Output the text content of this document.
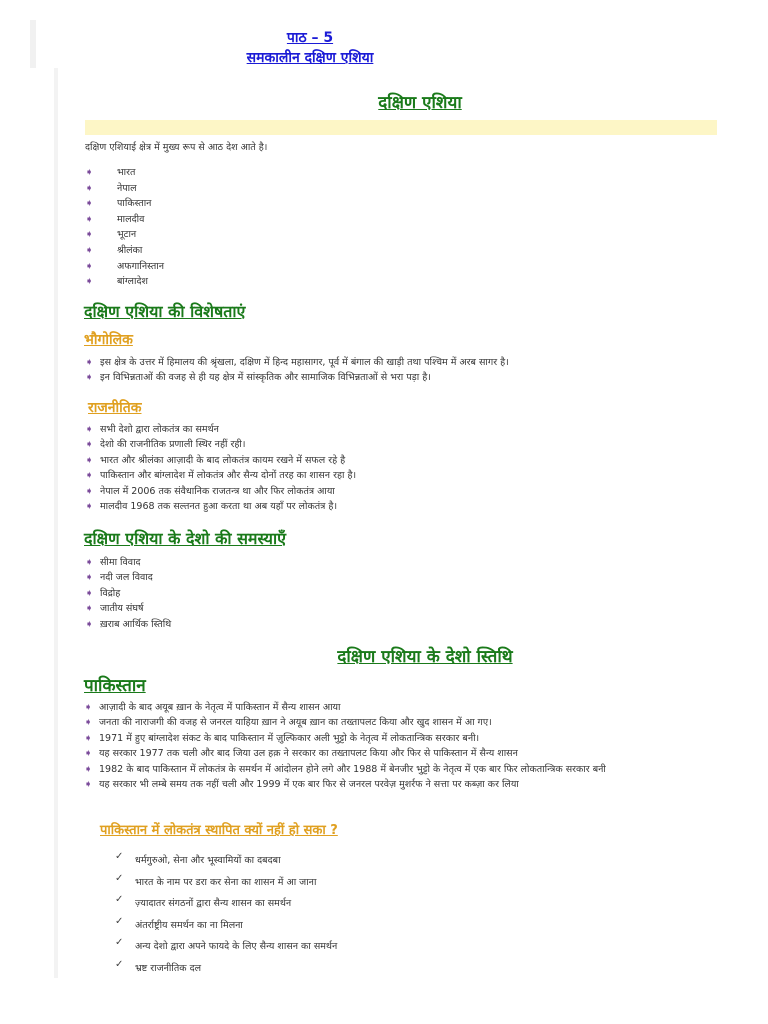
पाठ – 5
समकालीन दक्षिण एशिया
दक्षिण एशिया
दक्षिण एशियाई क्षेत्र में मुख्य रूप से आठ देश आते है।
➧ भारत
➧ नेपाल
➧ पाकिस्तान
➧ मालदीव
➧ भूटान
➧ श्रीलंका
➧ अफगानिस्तान
➧ बांग्लादेश
दक्षिण एशिया की विशेषताएं
भौगोलिक
➧ इस क्षेत्र के उत्तर में हिमालय की श्रृंखला, दक्षिण में हिन्द महासागर, पूर्व में बंगाल की खाड़ी तथा पश्चिम में अरब सागर है।
➧ इन विभिन्नताओं की वजह से ही यह क्षेत्र में सांस्कृतिक और सामाजिक विभिन्नताओं से भरा पड़ा है।
राजनीतिक
➧ सभी देशो द्वारा लोकतंत्र का समर्थन
➧ देशो की राजनीतिक प्रणाली स्थिर नहीं रही।
➧ भारत और श्रीलंका आज़ादी के बाद लोकतंत्र कायम रखने में सफल रहे है
➧ पाकिस्तान और बांग्लादेश में लोकतंत्र और सैन्य दोनों तरह का शासन रहा है।
➧ नेपाल में 2006 तक संवैधानिक राजतन्त्र था और फिर लोकतंत्र आया
➧ मालदीव 1968 तक सल्तनत हुआ करता था अब यहाँ पर लोकतंत्र है।
दक्षिण एशिया के देशो की समस्याएँ
➧ सीमा विवाद
➧ नदी जल विवाद
➧ विद्रोह
➧ जातीय संघर्ष
➧ ख़राब आर्थिक स्तिथि
दक्षिण एशिया के देशो स्तिथि
पाकिस्तान
➧ आज़ादी के बाद अयूब ख़ान के नेतृत्व में पाकिस्तान में सैन्य शासन आया
➧ जनता की नाराजगी की वजह से जनरल याहिया ख़ान ने अयूब ख़ान का तख्तापलट किया और खुद शासन में आ गए।
➧ 1971 में हुए बांग्लादेश संकट के बाद पाकिस्तान में ज़ुल्फिकार अली भुट्टो के नेतृत्व में लोकतान्त्रिक सरकार बनी।
➧ यह सरकार 1977 तक चली और बाद जिया उल हक़ ने सरकार का तख्तापलट किया और फिर से पाकिस्तान में सैन्य शासन
➧ 1982 के बाद पाकिस्तान में लोकतंत्र के समर्थन में आंदोलन होने लगे और 1988 में बेनजीर भुट्टो के नेतृत्व में एक बार फिर लोकतान्त्रिक सरकार बनी
➧ यह सरकार भी लम्बे समय तक नहीं चली और 1999 में एक बार फिर से जनरल परवेज़ मुशर्रफ ने सत्ता पर कब्ज़ा कर लिया
पाकिस्तान में लोकतंत्र स्थापित क्यों नहीं हो सका ?
✓ धर्मगुरुओ, सेना और भूस्वामियों का दबदबा
✓ भारत के नाम पर डरा कर सेना का शासन में आ जाना
✓ ज़्यादातर संगठनों द्वारा सैन्य शासन का समर्थन
✓ अंतर्राष्ट्रीय समर्थन का ना मिलना
✓ अन्य देशो द्वारा अपने फायदे के लिए सैन्य शासन का समर्थन
✓ भ्रष्ट राजनीतिक दल
